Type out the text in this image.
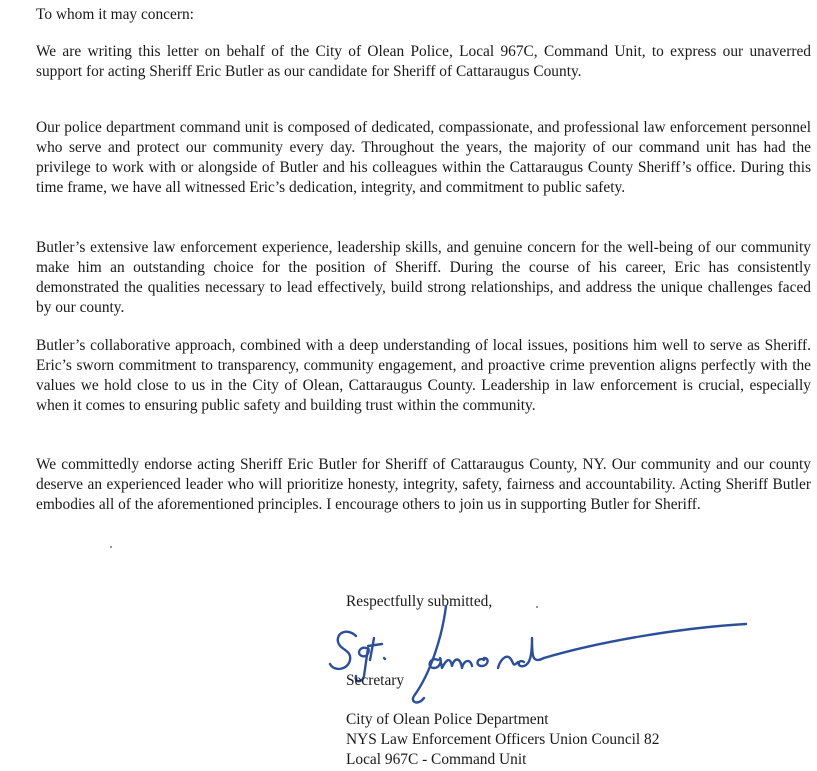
To whom it may concern:

We are writing this letter on behalf of the City of Olean Police, Local 967C, Command Unit, to express our unaverred support for acting Sheriff Eric Butler as our candidate for Sheriff of Cattaraugus County.

Our police department command unit is composed of dedicated, compassionate, and professional law enforcement personnel who serve and protect our community every day. Throughout the years, the majority of our command unit has had the privilege to work with or alongside of Butler and his colleagues within the Cattaraugus County Sheriff’s office. During this time frame, we have all witnessed Eric’s dedication, integrity, and commitment to public safety.

Butler’s extensive law enforcement experience, leadership skills, and genuine concern for the well-being of our community make him an outstanding choice for the position of Sheriff. During the course of his career, Eric has consistently demonstrated the qualities necessary to lead effectively, build strong relationships, and address the unique challenges faced by our county.

Butler’s collaborative approach, combined with a deep understanding of local issues, positions him well to serve as Sheriff. Eric’s sworn commitment to transparency, community engagement, and proactive crime prevention aligns perfectly with the values we hold close to us in the City of Olean, Cattaraugus County. Leadership in law enforcement is crucial, especially when it comes to ensuring public safety and building trust within the community.

We committedly endorse acting Sheriff Eric Butler for Sheriff of Cattaraugus County, NY. Our community and our county deserve an experienced leader who will prioritize honesty, integrity, safety, fairness and accountability. Acting Sheriff Butler embodies all of the aforementioned principles. I encourage others to join us in supporting Butler for Sheriff.

Respectfully submitted,

Secretary

City of Olean Police Department
NYS Law Enforcement Officers Union Council 82
Local 967C - Command Unit
